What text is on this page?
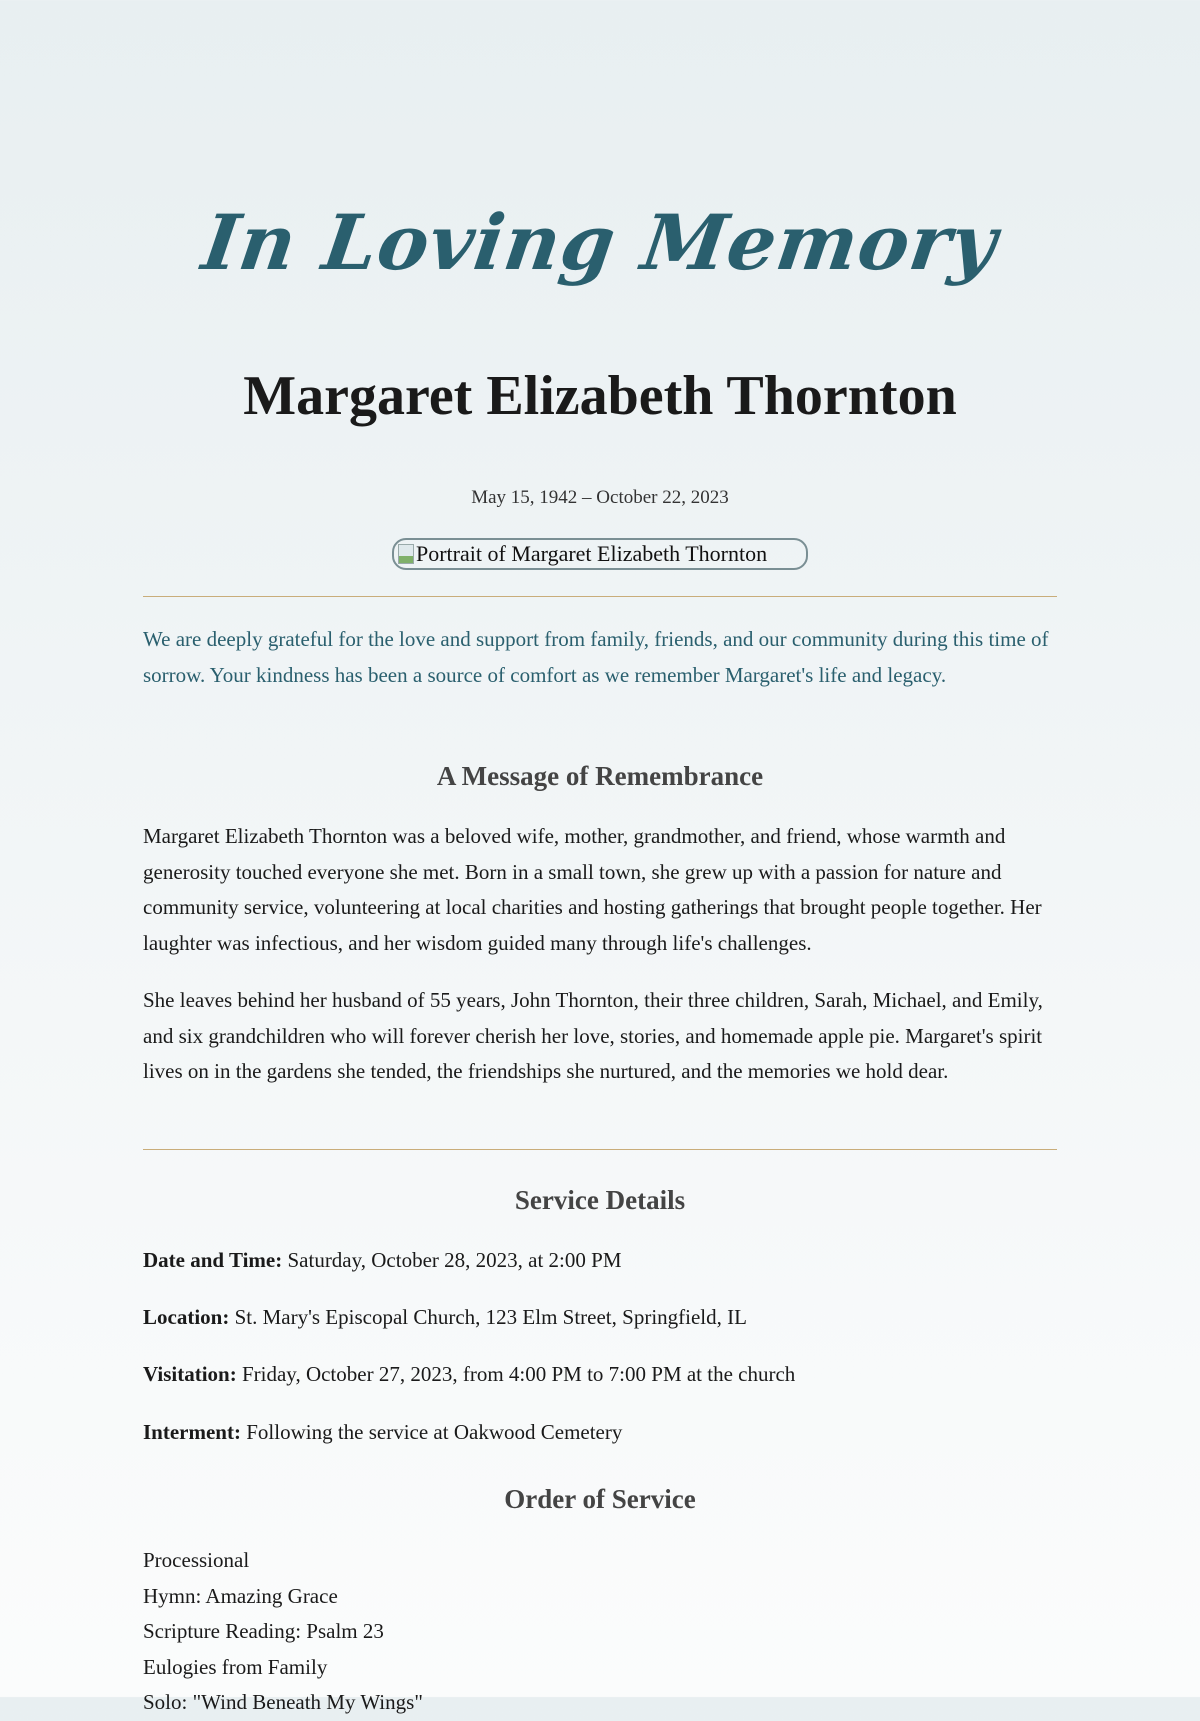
In Loving Memory
Margaret Elizabeth Thornton
May 15, 1942 – October 22, 2023
Portrait of Margaret Elizabeth Thornton

We are deeply grateful for the love and support from family, friends, and our community during this time of sorrow. Your kindness has been a source of comfort as we remember Margaret's life and legacy.

A Message of Remembrance

Margaret Elizabeth Thornton was a beloved wife, mother, grandmother, and friend, whose warmth and generosity touched everyone she met. Born in a small town, she grew up with a passion for nature and community service, volunteering at local charities and hosting gatherings that brought people together. Her laughter was infectious, and her wisdom guided many through life's challenges.

She leaves behind her husband of 55 years, John Thornton, their three children, Sarah, Michael, and Emily, and six grandchildren who will forever cherish her love, stories, and homemade apple pie. Margaret's spirit lives on in the gardens she tended, the friendships she nurtured, and the memories we hold dear.

Service Details

Date and Time: Saturday, October 28, 2023, at 2:00 PM

Location: St. Mary's Episcopal Church, 123 Elm Street, Springfield, IL

Visitation: Friday, October 27, 2023, from 4:00 PM to 7:00 PM at the church

Interment: Following the service at Oakwood Cemetery

Order of Service
Processional
Hymn: Amazing Grace
Scripture Reading: Psalm 23
Eulogies from Family
Solo: "Wind Beneath My Wings"
